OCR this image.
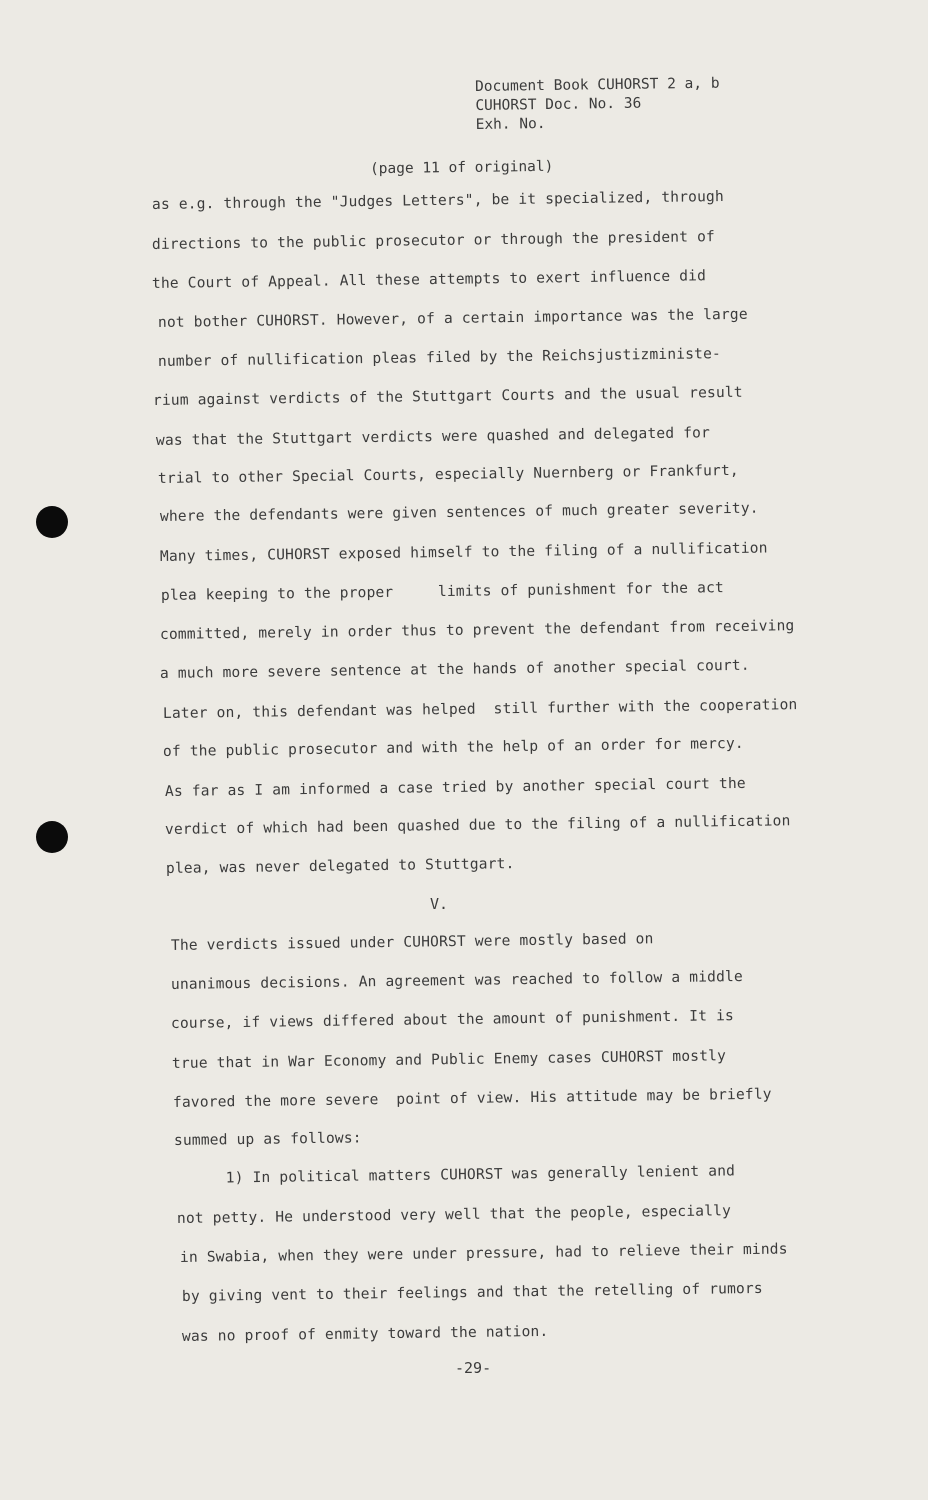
Document Book CUHORST 2 a, b
CUHORST Doc. No. 36
Exh. No.
(page 11 of original)
as e.g. through the "Judges Letters", be it specialized, through
directions to the public prosecutor or through the president of
the Court of Appeal. All these attempts to exert influence did
not bother CUHORST. However, of a certain importance was the large
number of nullification pleas filed by the Reichsjustizministe-
rium against verdicts of the Stuttgart Courts and the usual result
was that the Stuttgart verdicts were quashed and delegated for
trial to other Special Courts, especially Nuernberg or Frankfurt,
where the defendants were given sentences of much greater severity.
Many times, CUHORST exposed himself to the filing of a nullification
plea keeping to the proper     limits of punishment for the act
committed, merely in order thus to prevent the defendant from receiving
a much more severe sentence at the hands of another special court.
Later on, this defendant was helped  still further with the cooperation
of the public prosecutor and with the help of an order for mercy.
As far as I am informed a case tried by another special court the
verdict of which had been quashed due to the filing of a nullification
plea, was never delegated to Stuttgart.
V.
The verdicts issued under CUHORST were mostly based on
unanimous decisions. An agreement was reached to follow a middle
course, if views differed about the amount of punishment. It is
true that in War Economy and Public Enemy cases CUHORST mostly
favored the more severe  point of view. His attitude may be briefly
summed up as follows:
1) In political matters CUHORST was generally lenient and
not petty. He understood very well that the people, especially
in Swabia, when they were under pressure, had to relieve their minds
by giving vent to their feelings and that the retelling of rumors
was no proof of enmity toward the nation.
-29-
